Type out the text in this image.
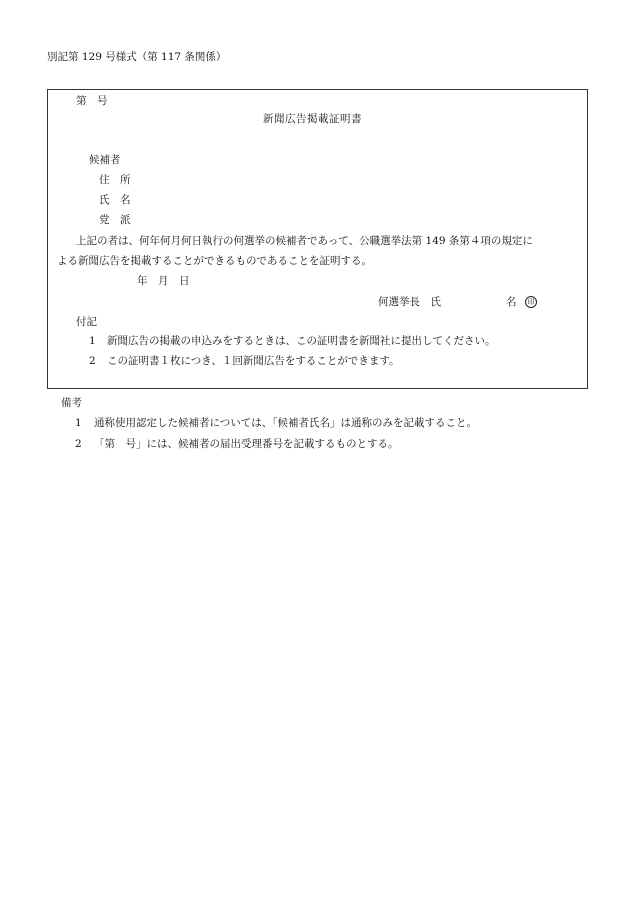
別記第 129 号様式（第 117 条関係）
第　号
新聞広告掲載証明書
候補者
住　所
氏　名
党　派
上記の者は、何年何月何日執行の何選挙の候補者であって、公職選挙法第 149 条第４項の規定に
よる新聞広告を掲載することができるものであることを証明する。
年　月　日
何選挙長　氏	名	印
付記
1 新聞広告の掲載の申込みをするときは、この証明書を新聞社に提出してください。
2 この証明書１枚につき、１回新聞広告をすることができます。
備考
1 通称使用認定した候補者については、「候補者氏名」は通称のみを記載すること。
2 「第　号」には、候補者の届出受理番号を記載するものとする。
